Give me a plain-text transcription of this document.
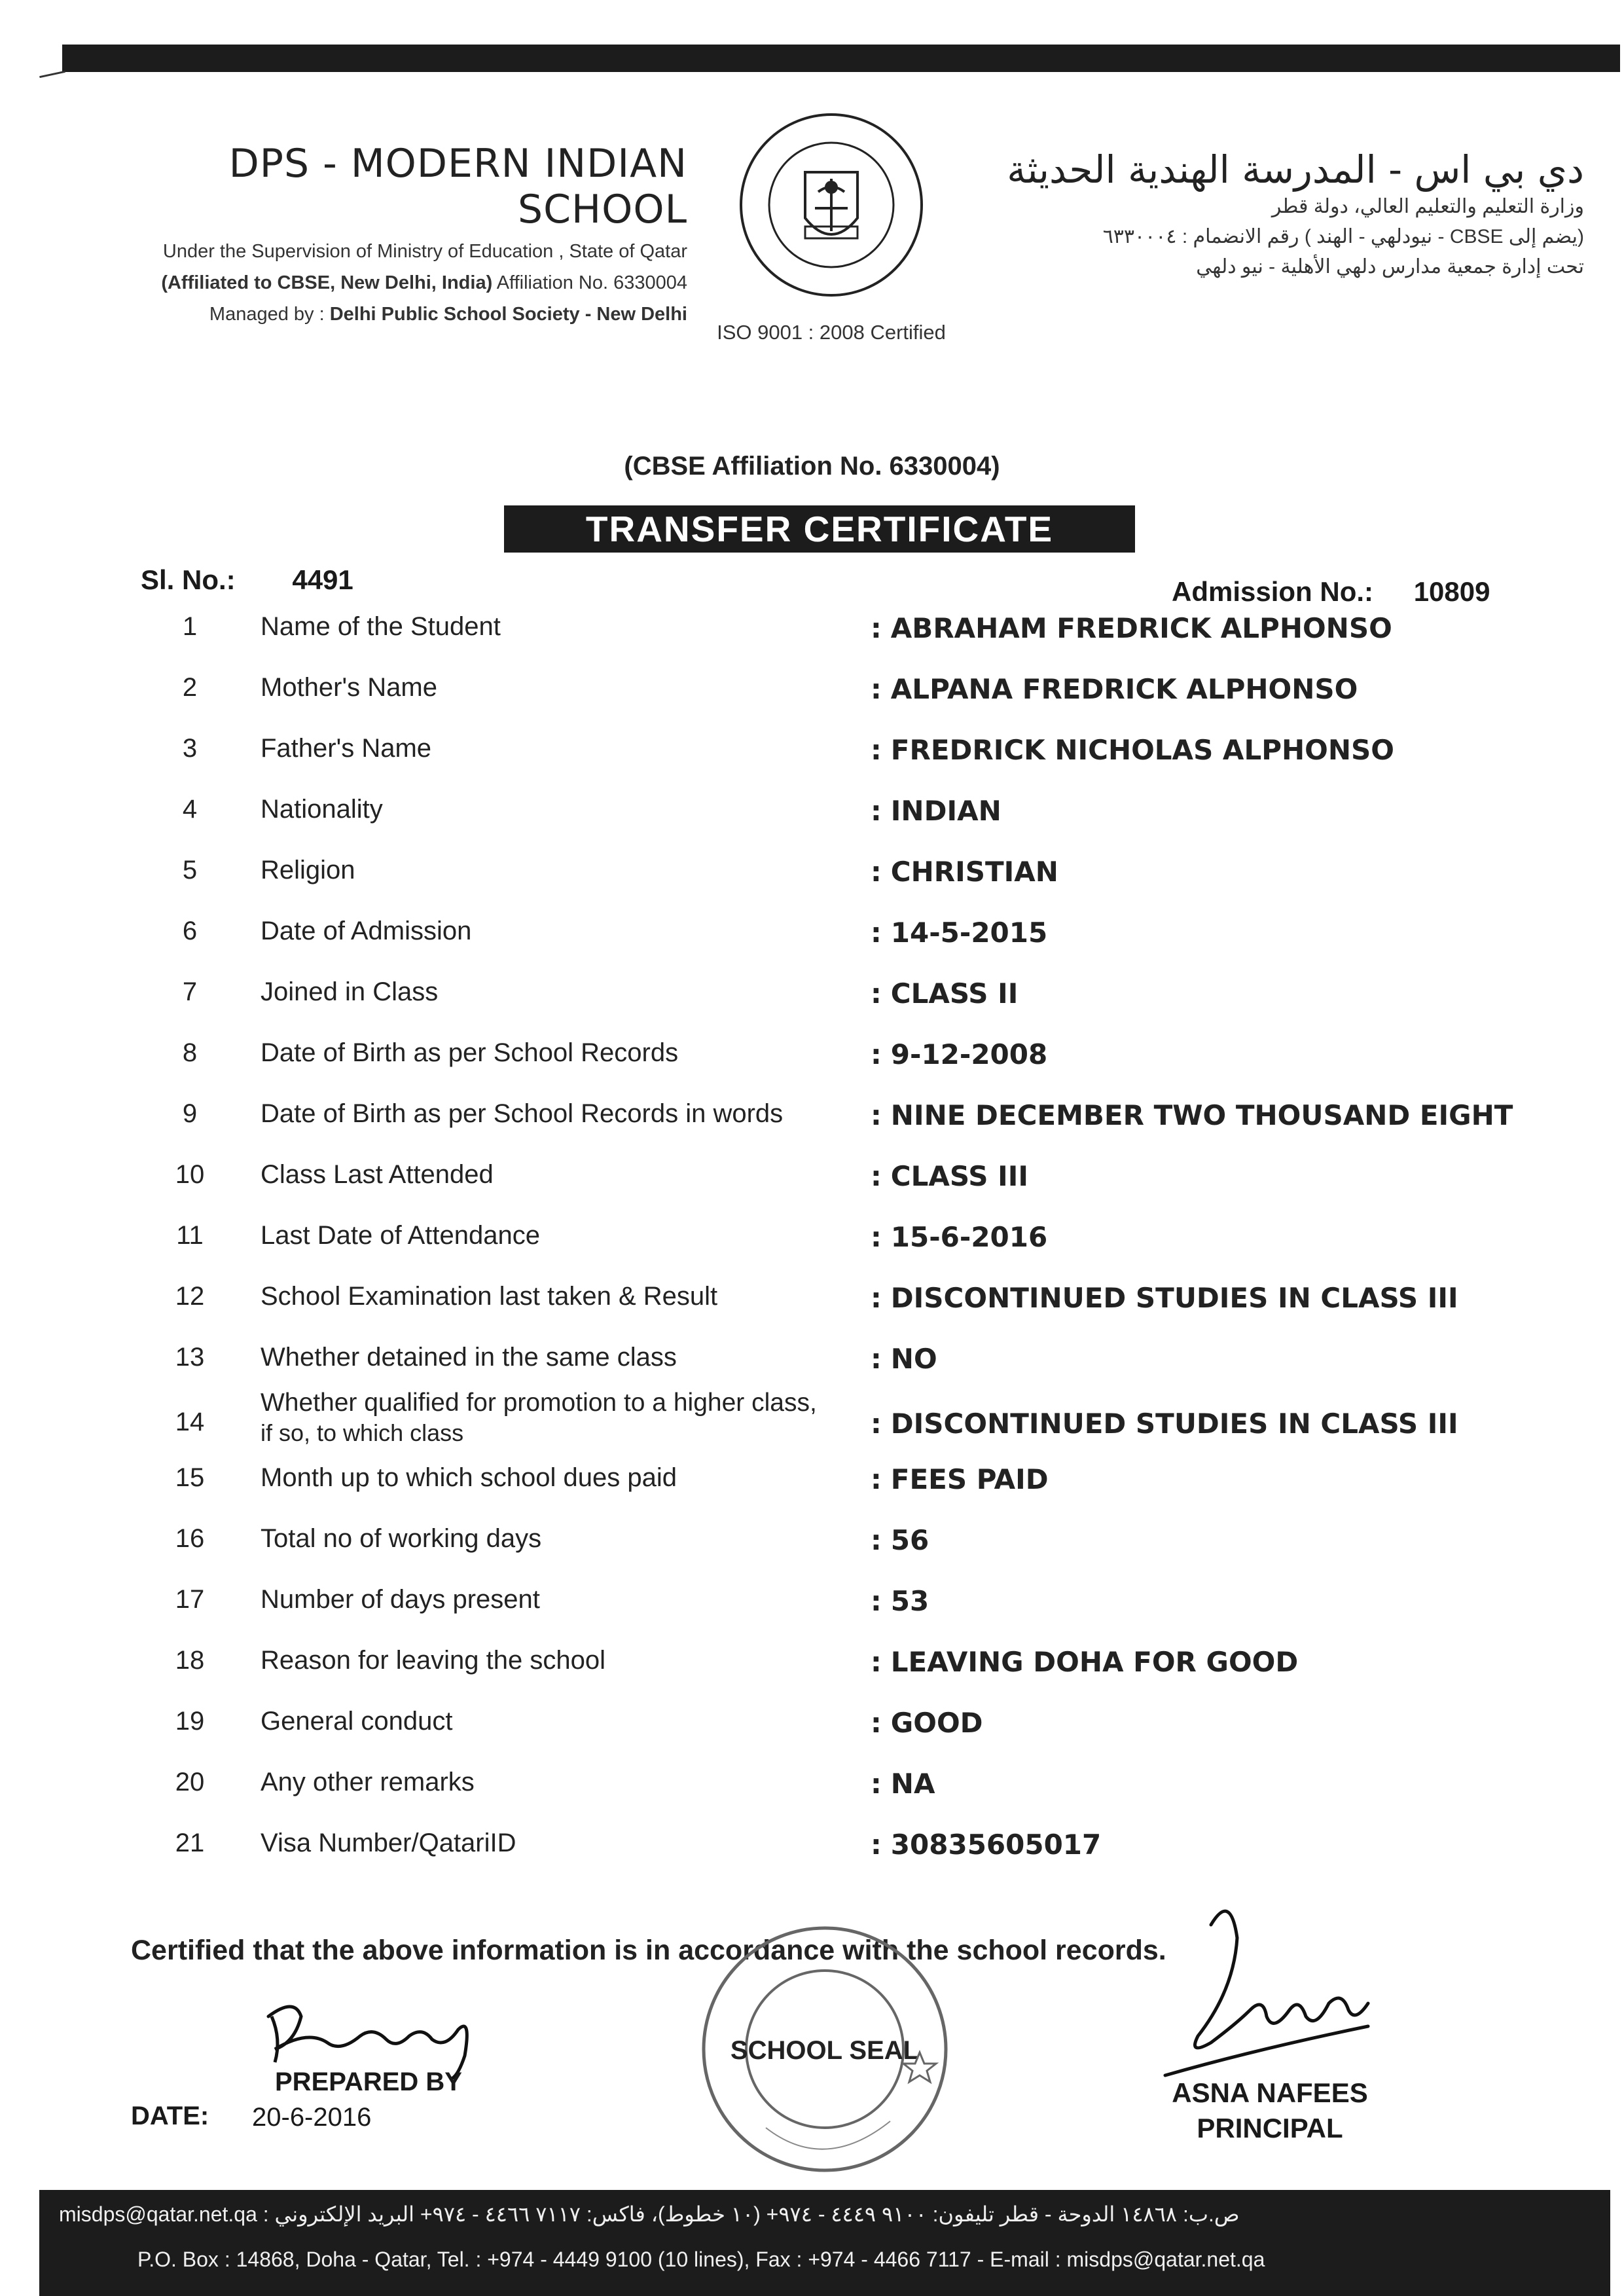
DPS - MODERN INDIAN SCHOOL
Under the Supervision of Ministry of Education , State of Qatar
(Affiliated to CBSE, New Delhi, India) Affiliation No. 6330004
Managed by : Delhi Public School Society - New Delhi
ISO 9001 : 2008 Certified
دي بي اس - المدرسة الهندية الحديثة
وزارة التعليم والتعليم العالي، دولة قطر
(يضم إلى CBSE - نيودلهي - الهند ) رقم الانضمام : ٦٣٣٠٠٠٤
تحت إدارة جمعية مدارس دلهي الأهلية - نيو دلهي
(CBSE Affiliation No. 6330004)
TRANSFER CERTIFICATE
Sl. No.: 4491	Admission No.: 10809
1	Name of the Student	: ABRAHAM FREDRICK ALPHONSO
2	Mother's Name	: ALPANA FREDRICK ALPHONSO
3	Father's Name	: FREDRICK NICHOLAS ALPHONSO
4	Nationality	: INDIAN
5	Religion	: CHRISTIAN
6	Date of Admission	: 14-5-2015
7	Joined in Class	: CLASS II
8	Date of Birth as per School Records	: 9-12-2008
9	Date of Birth as per School Records in words	: NINE DECEMBER TWO THOUSAND EIGHT
10	Class Last Attended	: CLASS III
11	Last Date of Attendance	: 15-6-2016
12	School Examination last taken & Result	: DISCONTINUED STUDIES IN CLASS III
13	Whether detained in the same class	: NO
14
Whether qualified for promotion to a higher class,
if so, to which class	: DISCONTINUED STUDIES IN CLASS III
15	Month up to which school dues paid	: FEES PAID
16	Total no of working days	: 56
17	Number of days present	: 53
18	Reason for leaving the school	: LEAVING DOHA FOR GOOD
19	General conduct	: GOOD
20	Any other remarks	: NA
21	Visa Number/QatariID	: 30835605017
Certified that the above information is in accordance with the school records.
PREPARED BY
DATE: 20-6-2016
SCHOOL SEAL
ASNA NAFEES
PRINCIPAL
misdps@qatar.net.qa ص.ب: ١٤٨٦٨ الدوحة - قطر تليفون: ٩١٠٠ ٤٤٤٩ - ٩٧٤+ (١٠ خطوط)، فاكس: ٧١١٧ ٤٤٦٦ - ٩٧٤+ البريد الإلكتروني :
P.O. Box : 14868, Doha - Qatar, Tel. : +974 - 4449 9100 (10 lines), Fax : +974 - 4466 7117 - E-mail : misdps@qatar.net.qa
